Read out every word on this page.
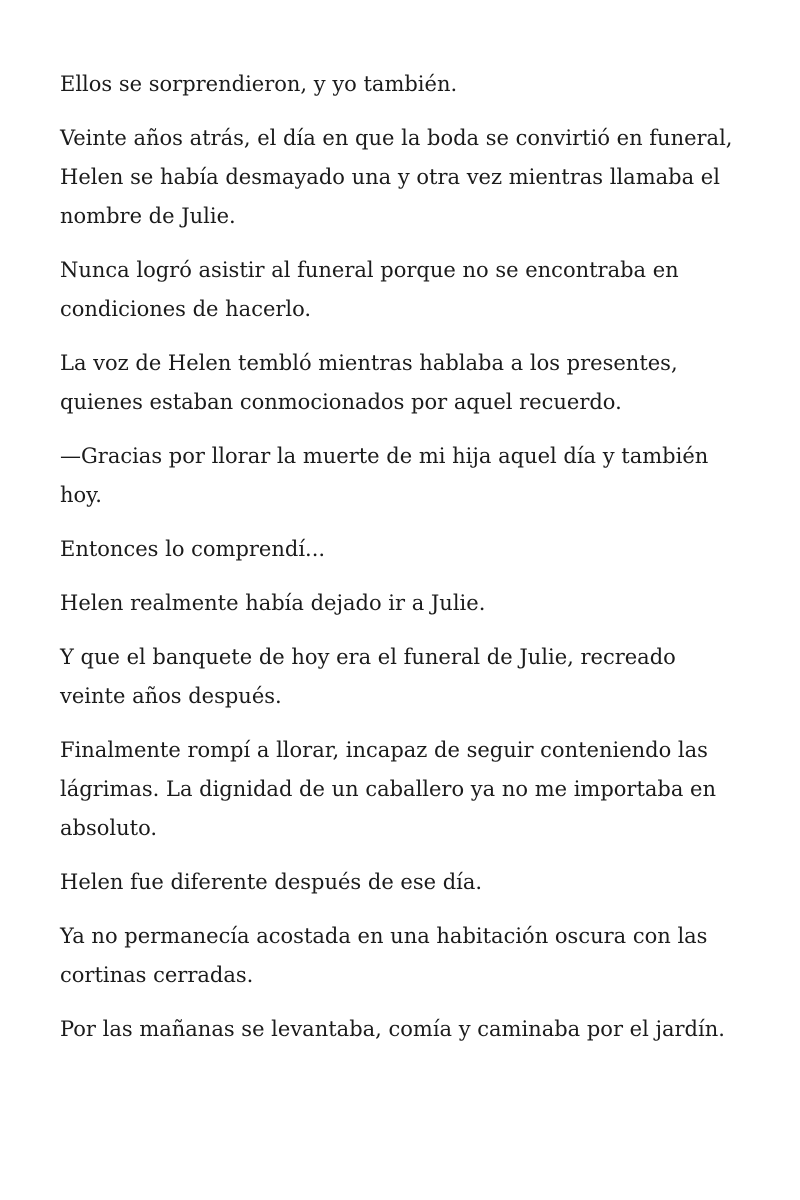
Ellos se sorprendieron, y yo también.

Veinte años atrás, el día en que la boda se convirtió en funeral, Helen se había desmayado una y otra vez mientras llamaba el nombre de Julie.

Nunca logró asistir al funeral porque no se encontraba en condiciones de hacerlo.

La voz de Helen tembló mientras hablaba a los presentes, quienes estaban conmocionados por aquel recuerdo.

—Gracias por llorar la muerte de mi hija aquel día y también hoy.

Entonces lo comprendí...

Helen realmente había dejado ir a Julie.

Y que el banquete de hoy era el funeral de Julie, recreado veinte años después.

Finalmente rompí a llorar, incapaz de seguir conteniendo las lágrimas. La dignidad de un caballero ya no me importaba en absoluto.

Helen fue diferente después de ese día.

Ya no permanecía acostada en una habitación oscura con las cortinas cerradas.

Por las mañanas se levantaba, comía y caminaba por el jardín.
